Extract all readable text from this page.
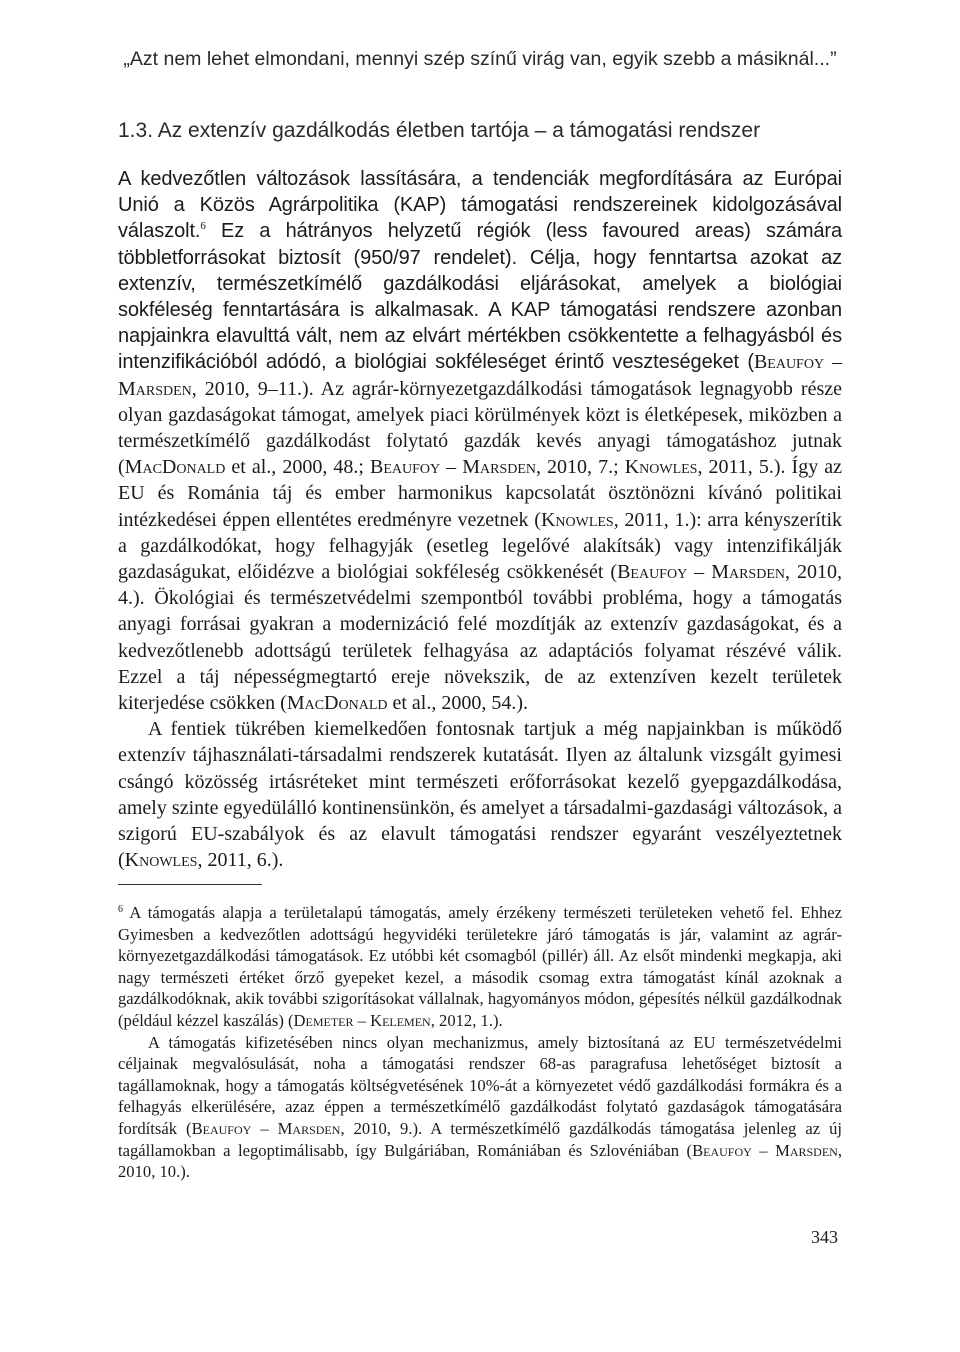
„Azt nem lehet elmondani, mennyi szép színű virág van, egyik szebb a másiknál...”
1.3. Az extenzív gazdálkodás életben tartója – a támogatási rendszer

A kedvezőtlen változások lassítására, a tendenciák megfordítására az Európai Unió a Közös Agrárpolitika (KAP) támogatási rendszereinek kidolgozásával válaszolt.$^6$ Ez a hátrányos helyzetű régiók (less favoured areas) számára többletforrásokat biztosít (950/97 rendelet). Célja, hogy fenntartsa azokat az extenzív, természetkímélő gazdálkodási eljárásokat, amelyek a biológiai sokféleség fenntartására is alkalmasak. A KAP támogatási rendszere azonban napjainkra elavulttá vált, nem az elvárt mértékben csökkentette a felhagyásból és intenzifikációból adódó, a biológiai sokféleséget érintő veszteségeket (Beaufoy – Marsden, 2010, 9–11.). Az agrár-környezetgazdálkodási támogatások legnagyobb része olyan gazdaságokat támogat, amelyek piaci körülmények közt is életképesek, miközben a természetkímélő gazdálkodást folytató gazdák kevés anyagi támogatáshoz jutnak (MacDonald et al., 2000, 48.; Beaufoy – Marsden, 2010, 7.; Knowles, 2011, 5.). Így az EU és Románia táj és ember harmonikus kapcsolatát ösztönözni kívánó politikai intézkedései éppen ellentétes eredményre vezetnek (Knowles, 2011, 1.): arra kényszerítik a gazdálkodókat, hogy felhagyják (esetleg legelővé alakítsák) vagy intenzifikálják gazdaságukat, előidézve a biológiai sokféleség csökkenését (Beaufoy – Marsden, 2010, 4.). Ökológiai és természetvédelmi szempontból további probléma, hogy a támogatás anyagi forrásai gyakran a modernizáció felé mozdítják az extenzív gazdaságokat, és a kedvezőtlenebb adottságú területek felhagyása az adaptációs folyamat részévé válik. Ezzel a táj népességmegtartó ereje növekszik, de az extenzíven kezelt területek kiterjedése csökken (MacDonald et al., 2000, 54.).

A fentiek tükrében kiemelkedően fontosnak tartjuk a még napjainkban is működő extenzív tájhasználati-társadalmi rendszerek kutatását. Ilyen az általunk vizsgált gyimesi csángó közösség irtásréteket mint természeti erőforrásokat kezelő gyepgazdálkodása, amely szinte egyedülálló kontinensünkön, és amelyet a társadalmi-gazdasági változások, a szigorú EU-szabályok és az elavult támogatási rendszer egyaránt veszélyeztetnek (Knowles, 2011, 6.).

$^6$ A támogatás alapja a területalapú támogatás, amely érzékeny természeti területeken vehető fel. Ehhez Gyimesben a kedvezőtlen adottságú hegyvidéki területekre járó támogatás is jár, valamint az agrár-környezetgazdálkodási támogatások. Ez utóbbi két csomagból (pillér) áll. Az elsőt mindenki megkapja, aki nagy természeti értéket őrző gyepeket kezel, a második csomag extra támogatást kínál azoknak a gazdálkodóknak, akik további szigorításokat vállalnak, hagyományos módon, gépesítés nélkül gazdálkodnak (például kézzel kaszálás) (Demeter – Kelemen, 2012, 1.).

A támogatás kifizetésében nincs olyan mechanizmus, amely biztosítaná az EU természetvédelmi céljainak megvalósulását, noha a támogatási rendszer 68-as paragrafusa lehetőséget biztosít a tagállamoknak, hogy a támogatás költségvetésének 10%-át a környezetet védő gazdálkodási formákra és a felhagyás elkerülésére, azaz éppen a természetkímélő gazdálkodást folytató gazdaságok támogatására fordítsák (Beaufoy – Marsden, 2010, 9.). A természetkímélő gazdálkodás támogatása jelenleg az új tagállamokban a legoptimálisabb, így Bulgáriában, Romániában és Szlovéniában (Beaufoy – Marsden, 2010, 10.).

343
